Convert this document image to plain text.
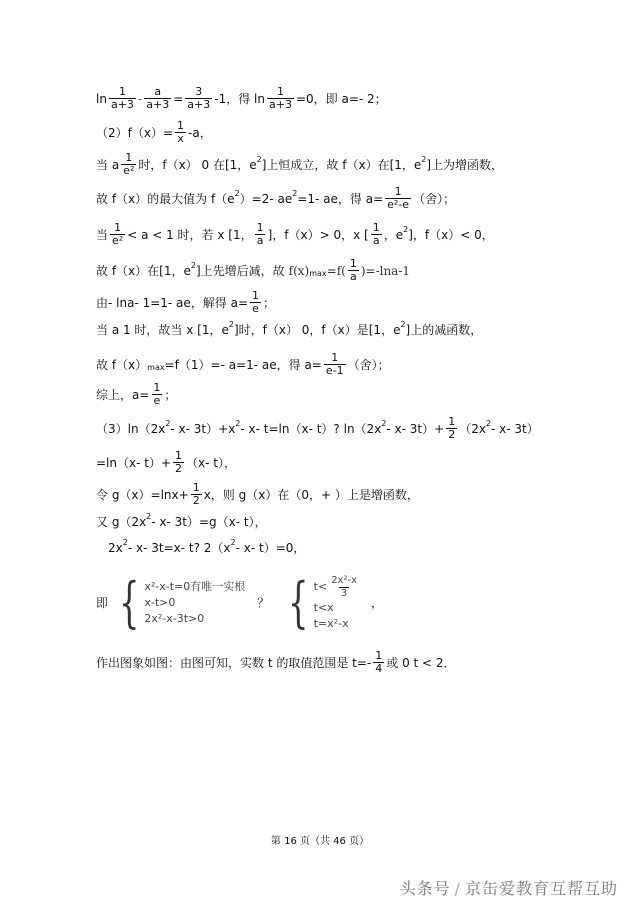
$\ln \frac{1}{a+3} - \frac{a}{a+3} = \frac{3}{a+3} -1$，得 $\ln \frac{1}{a+3} =0$，即 a=- 2；
$(2)f(x)= \frac{1}{x} -a$，
当 a $\frac{1}{\text{e²}}$ 时，f（x） 0 在[1，e 2 ]上恒成立，故 f（x）在[1，e 2 ]上为增函数，
故 f（x）的最大值为 f（e 2 ）=2- ae 2 =1- ae，得 $a= \frac{1}{\text{e²-e}}$ （舍）；
当 $\frac{1}{\text{e²}} < a < 1$ 时，若 x [1， $\frac{1}{a}$ ]，f（x）> 0，x [ $\frac{1}{a}$ ，e 2 ]，f（x）< 0，
故 f（x）在[1，e 2 ]上先增后减，故 f(x) $\max =f( \frac{1}{a} )=-\ln a-1$
由- lna- 1=1- ae，解得 $a= \frac{1}{e}$ ；
当 a 1 时，故当 x [1，e 2 ]时，f（x） 0，f（x）是[1，e 2 ]上的减函数，
故 f（x） max =f（1）=- a=1- ae，得 $a= \frac{1}{e-1}$ （舍）；
综上，$a= \frac{1}{e}$ ；
（3）ln（2x 2 - x- 3t）+x 2 - x- t=ln（x- t）? ln（2x 2 - x- $3t)+ \frac{1}{2} (2x$ 2 - x- 3t）
=ln（x- $t)+ \frac{1}{2} (x-$ t），
令 $g(x)=\ln x+ \frac{1}{2}$ x，则 g（x）在（0，+ ）上是增函数，
又 g（2x 2 - x- 3t）=g（x- t），
2x 2 - x- 3t=x- t? 2（x 2 - x- t）=0，
即 { x²-x-t=0有唯一实根
x-t>0
2x²-x-3t>0
？ { $t< \frac{\text{2x²-x}}{3}$
t<x
t=x²-x
，
作出图象如图：由图可知，实数 t 的取值范围是 $t=- \frac{1}{4}$ 或 0 t < 2．
第 16 页（共 46 页）
头条号 / 京缶爱教育互帮互助
